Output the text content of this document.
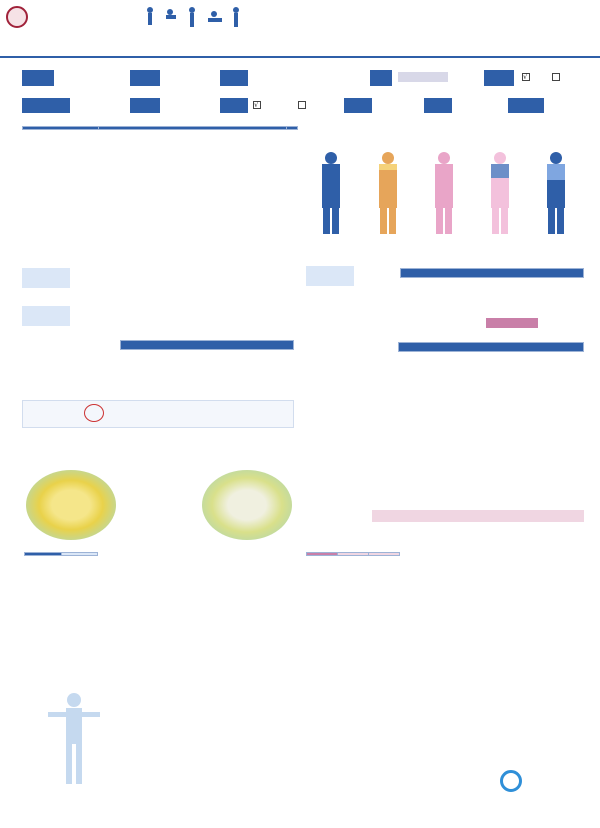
√
√
